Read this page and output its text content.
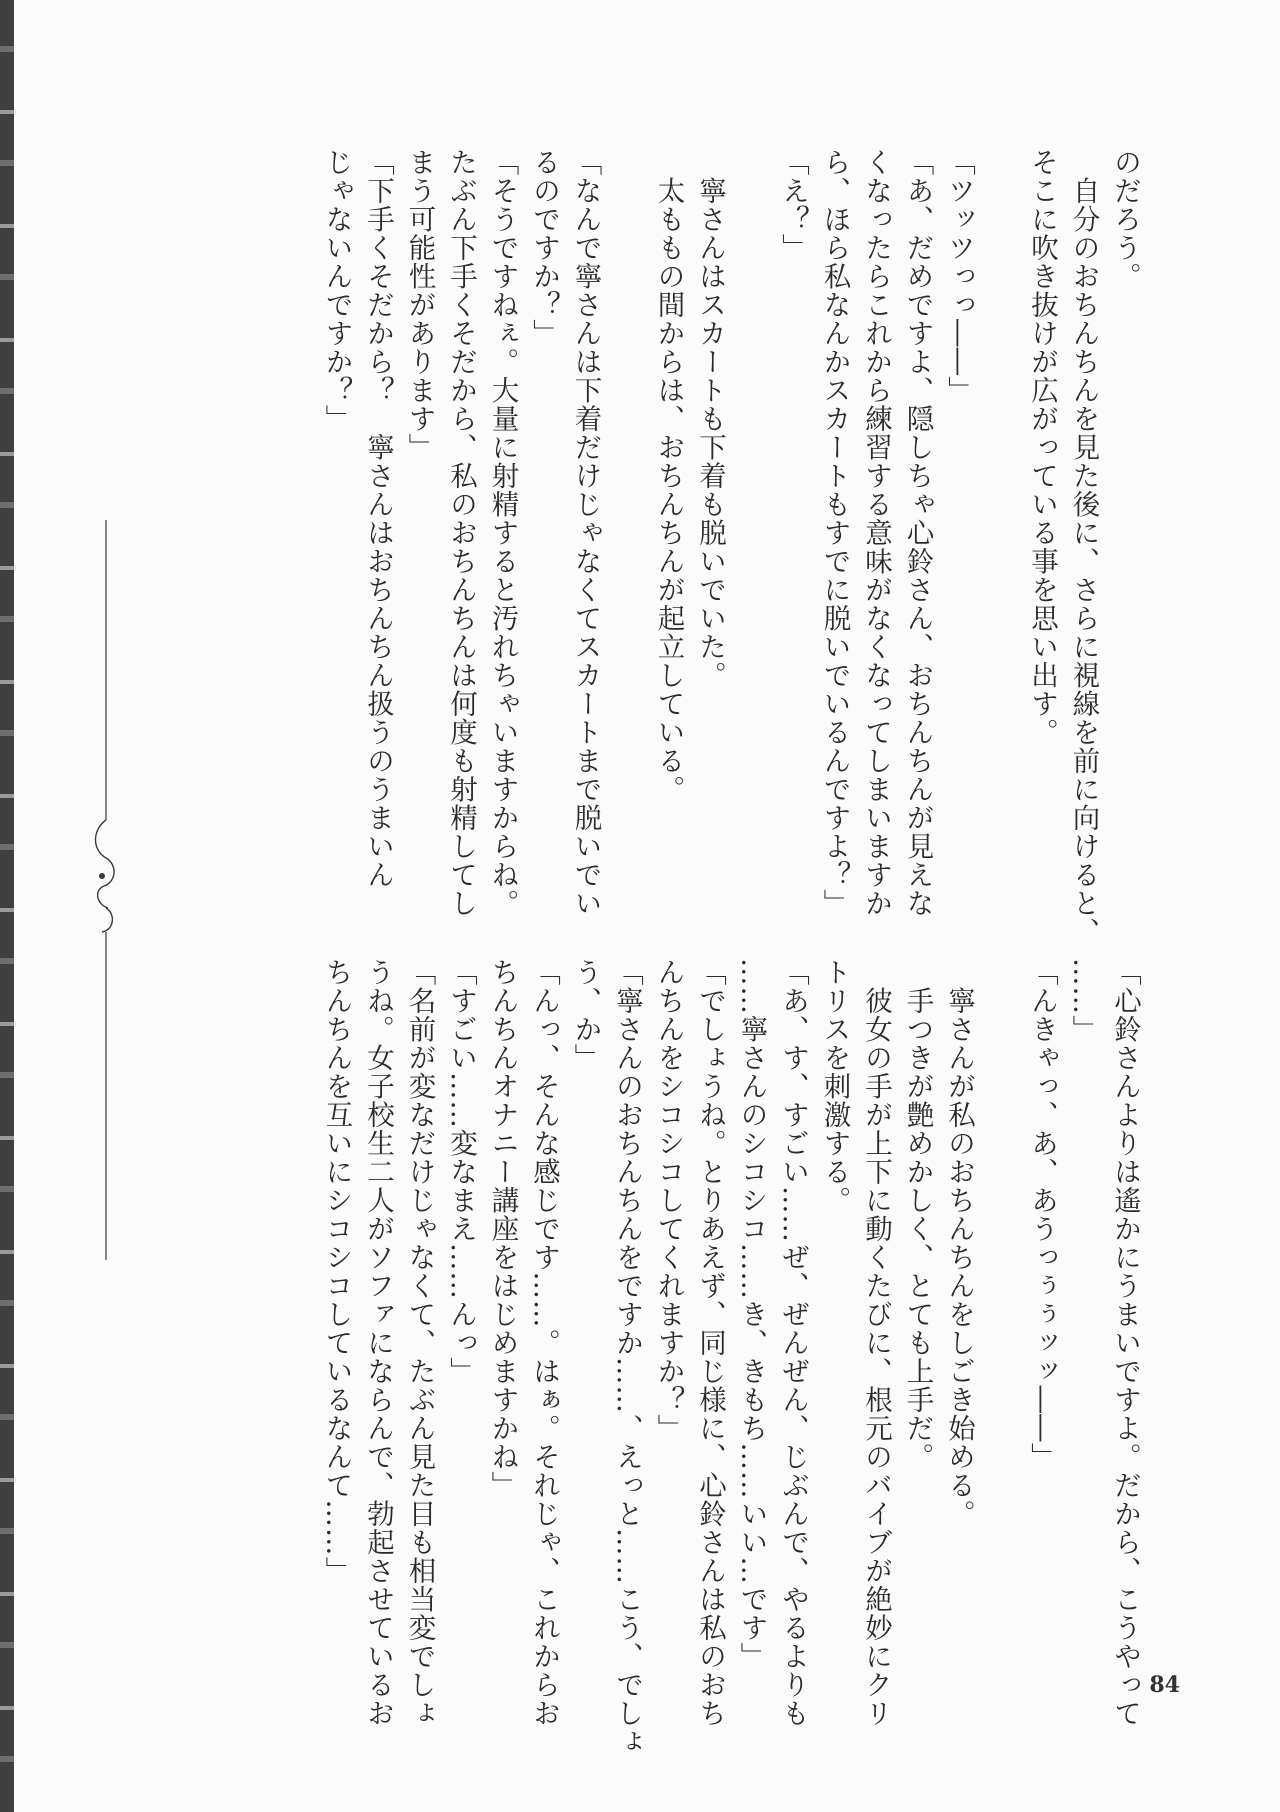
のだろう。

　自分のおちんちんを見た後に、さらに視線を前に向けると、

そこに吹き抜けが広がっている事を思い出す。

「ツッツっっ――」

「あ、だめですよ、隠しちゃ心鈴さん、おちんちんが見えな

くなったらこれから練習する意味がなくなってしまいますか

ら、ほら私なんかスカートもすでに脱いでいるんですよ？」

「え？」

　寧さんはスカートも下着も脱いでいた。

　太ももの間からは、おちんちんが起立している。

「なんで寧さんは下着だけじゃなくてスカートまで脱いでい

るのですか？」

「そうですねぇ。大量に射精すると汚れちゃいますからね。

たぶん下手くそだから、私のおちんちんは何度も射精してし

まう可能性があります」

「下手くそだから？　寧さんはおちんちん扱うのうまいん

じゃないんですか？」

「心鈴さんよりは遙かにうまいですよ。だから、こうやって

……」

「んきゃっ、あ、あうっぅぅッッ――」

　寧さんが私のおちんちんをしごき始める。

　手つきが艶めかしく、とても上手だ。

　彼女の手が上下に動くたびに、根元のバイブが絶妙にクリ

トリスを刺激する。

「あ、す、すごい……ぜ、ぜんぜん、じぶんで、やるよりも

……寧さんのシコシコ……き、きもち……いい…です」

「でしょうね。とりあえず、同じ様に、心鈴さんは私のおち

んちんをシコシコしてくれますか？」

「寧さんのおちんちんをですか……、えっと……こう、でしょ

う、か」

「んっ、そんな感じです……。はぁ。それじゃ、これからお

ちんちんオナニー講座をはじめますかね」

「すごい……変なまえ……んっ」

「名前が変なだけじゃなくて、たぶん見た目も相当変でしょ

うね。女子校生二人がソファにならんで、勃起させているお

ちんちんを互いにシコシコしているなんて……」

84
